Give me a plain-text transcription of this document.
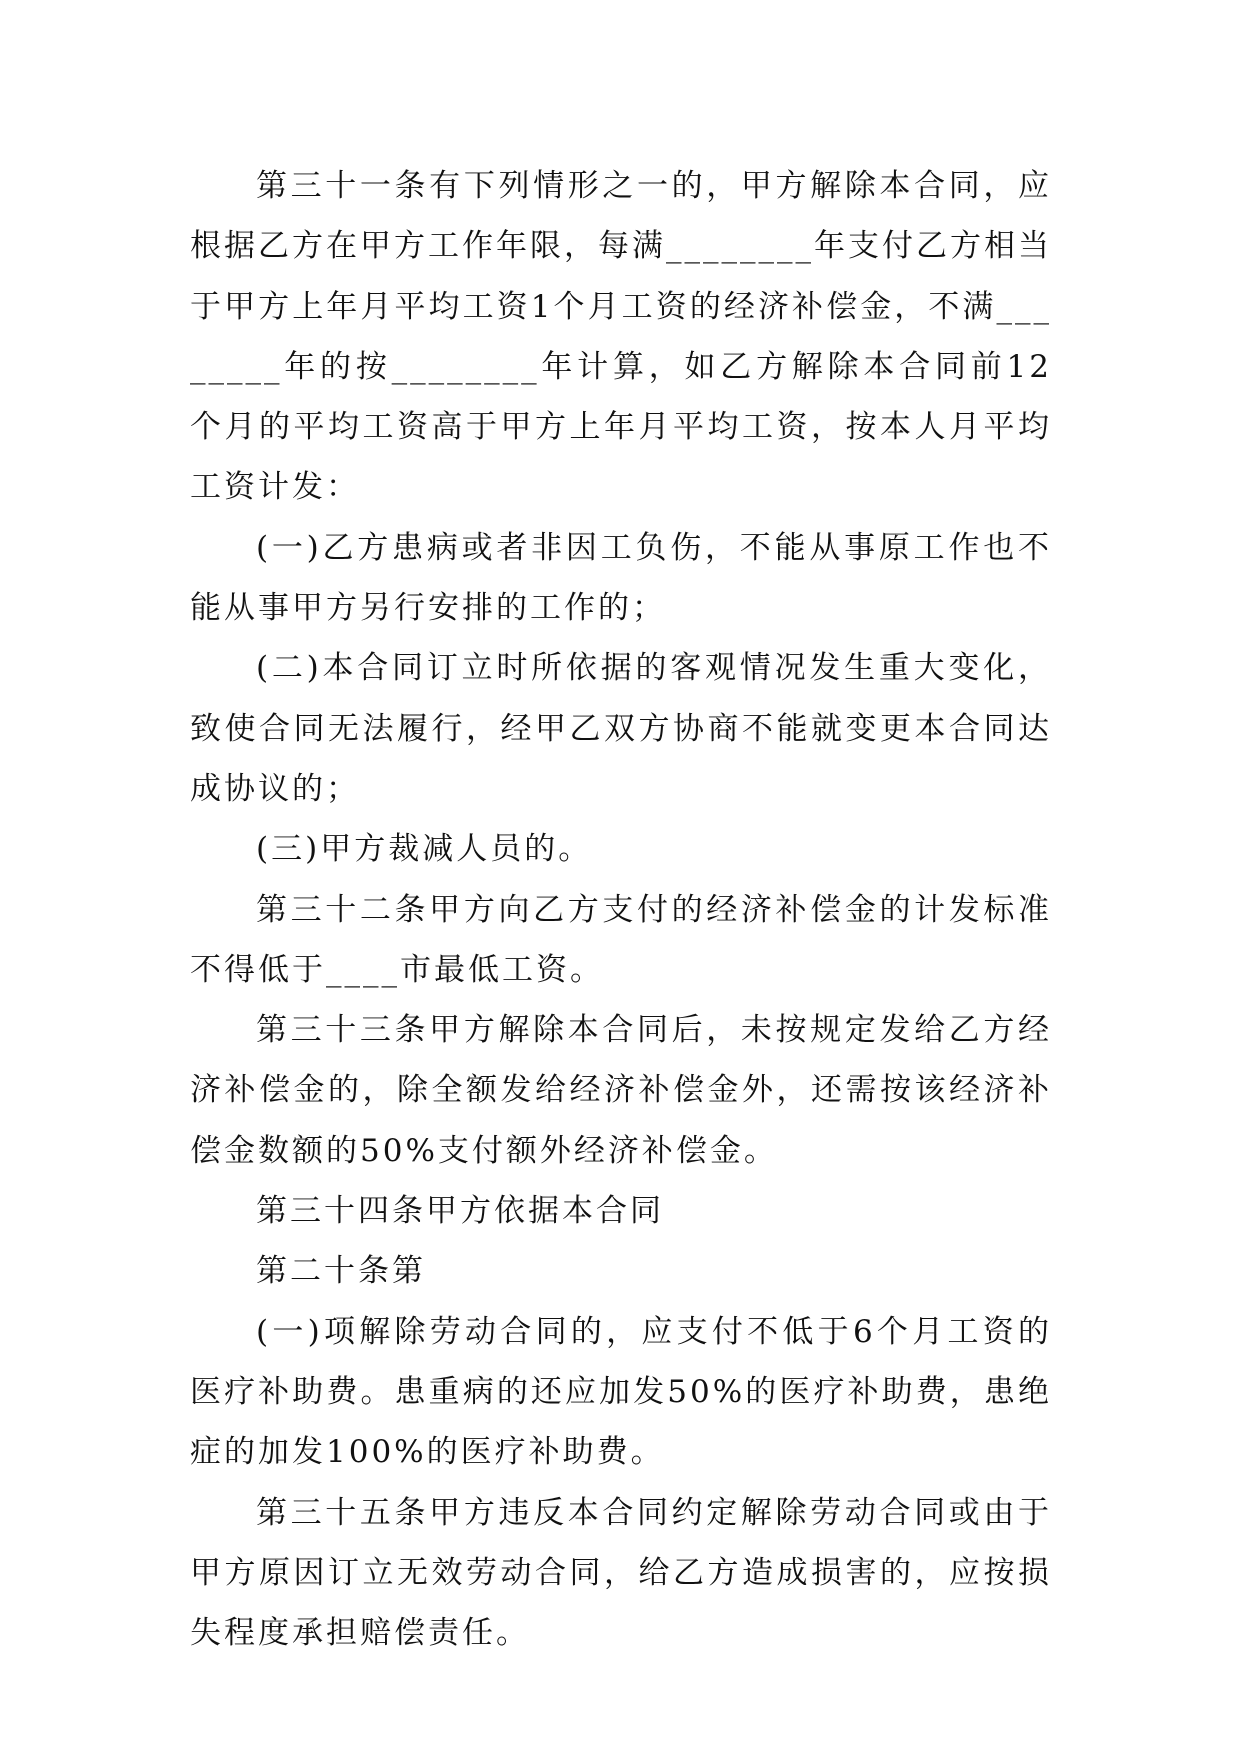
第三十一条有下列情形之一的，甲方解除本合同，应根据乙方在甲方工作年限，每满________年支付乙方相当于甲方上年月平均工资1个月工资的经济补偿金，不满________年的按________年计算，如乙方解除本合同前12个月的平均工资高于甲方上年月平均工资，按本人月平均工资计发：

(一)乙方患病或者非因工负伤，不能从事原工作也不能从事甲方另行安排的工作的；

(二)本合同订立时所依据的客观情况发生重大变化，致使合同无法履行，经甲乙双方协商不能就变更本合同达成协议的；

(三)甲方裁减人员的。

第三十二条甲方向乙方支付的经济补偿金的计发标准不得低于____市最低工资。

第三十三条甲方解除本合同后，未按规定发给乙方经济补偿金的，除全额发给经济补偿金外，还需按该经济补偿金数额的50%支付额外经济补偿金。

第三十四条甲方依据本合同

第二十条第

(一)项解除劳动合同的，应支付不低于6个月工资的医疗补助费。患重病的还应加发50%的医疗补助费，患绝症的加发100%的医疗补助费。

第三十五条甲方违反本合同约定解除劳动合同或由于甲方原因订立无效劳动合同，给乙方造成损害的，应按损失程度承担赔偿责任。
